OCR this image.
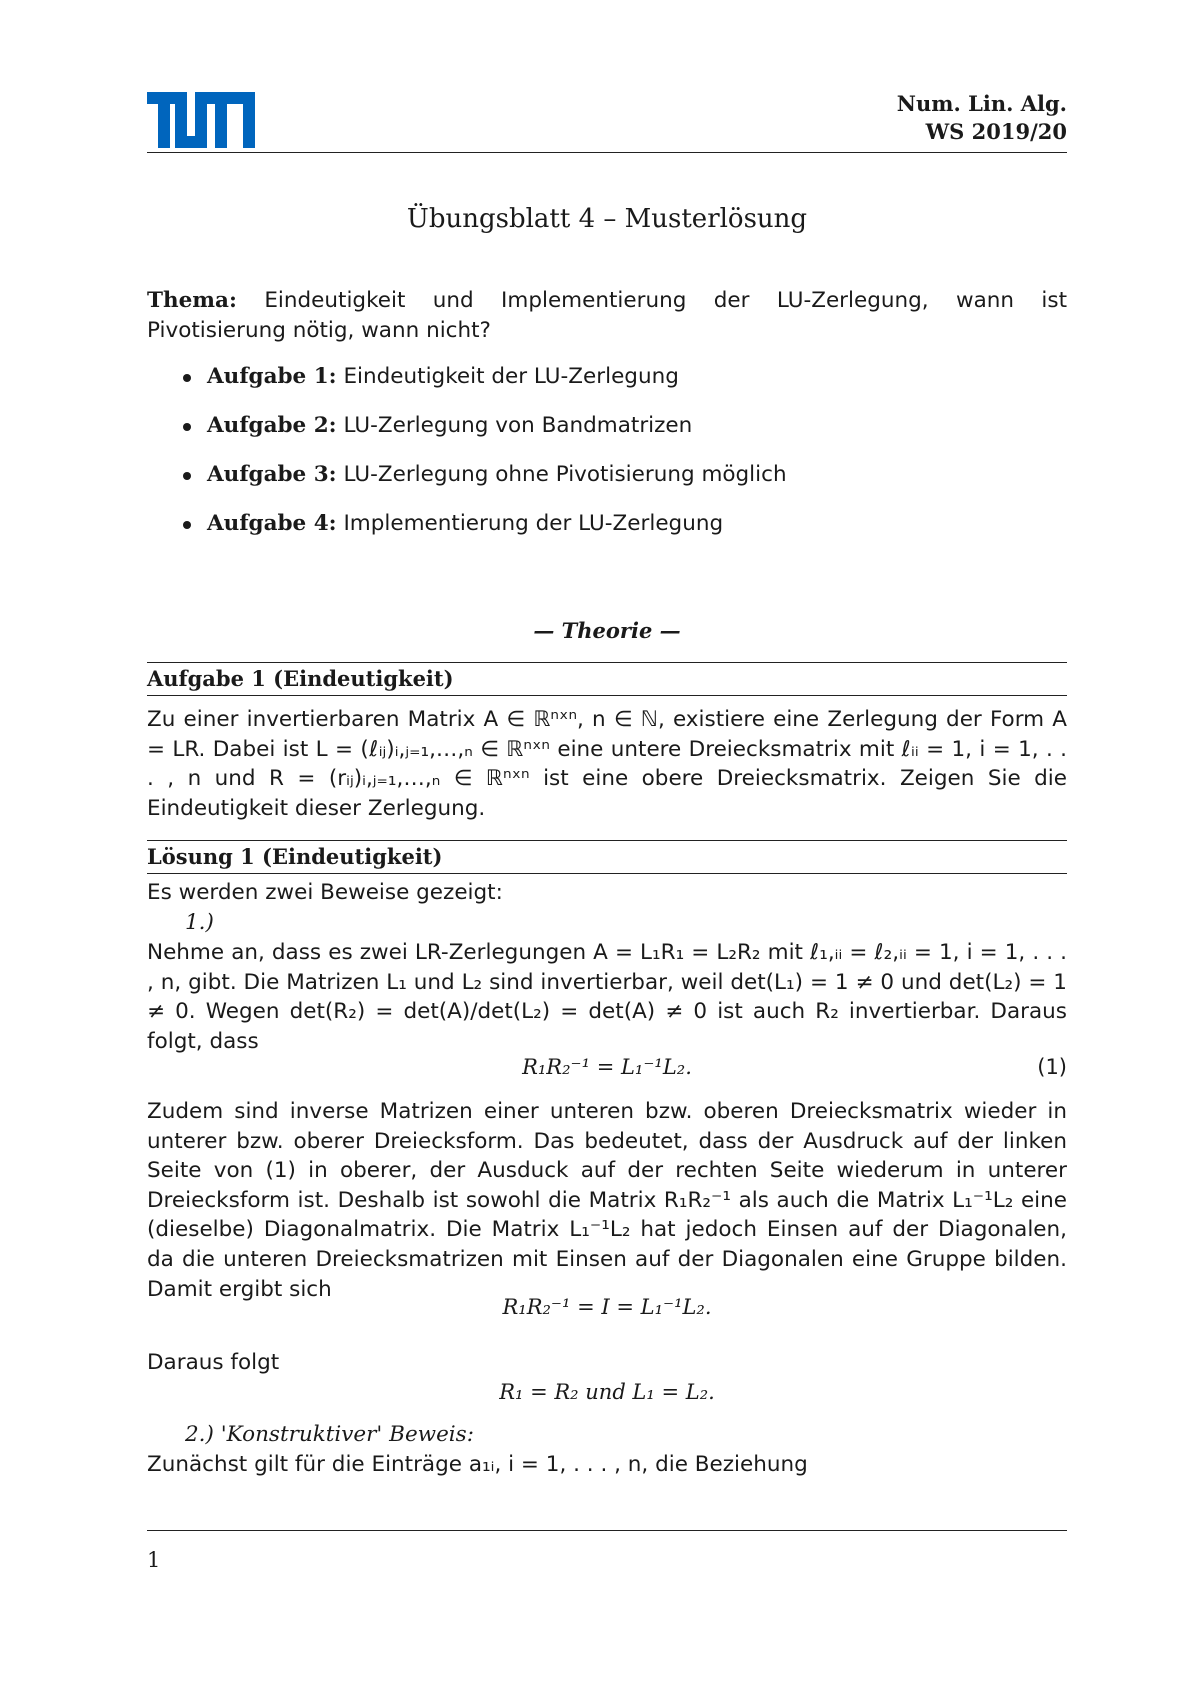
Num. Lin. Alg.
WS 2019/20
Übungsblatt 4 – Musterlösung
Thema: Eindeutigkeit und Implementierung der LU-Zerlegung, wann ist Pivotisierung nötig, wann nicht?
Aufgabe 1: Eindeutigkeit der LU-Zerlegung
Aufgabe 2: LU-Zerlegung von Bandmatrizen
Aufgabe 3: LU-Zerlegung ohne Pivotisierung möglich
Aufgabe 4: Implementierung der LU-Zerlegung
— Theorie —
Aufgabe 1 (Eindeutigkeit)
Zu einer invertierbaren Matrix A ∈ ℝⁿˣⁿ, n ∈ ℕ, existiere eine Zerlegung der Form A = LR. Dabei ist L = (ℓᵢⱼ)ᵢ,ⱼ₌₁,…,ₙ ∈ ℝⁿˣⁿ eine untere Dreiecksmatrix mit ℓᵢᵢ = 1, i = 1, . . . , n und R = (rᵢⱼ)ᵢ,ⱼ₌₁,…,ₙ ∈ ℝⁿˣⁿ ist eine obere Dreiecksmatrix. Zeigen Sie die Eindeutigkeit dieser Zerlegung.
Lösung 1 (Eindeutigkeit)
Es werden zwei Beweise gezeigt:
1.)
Nehme an, dass es zwei LR-Zerlegungen A = L₁R₁ = L₂R₂ mit ℓ₁,ᵢᵢ = ℓ₂,ᵢᵢ = 1, i = 1, . . . , n, gibt. Die Matrizen L₁ und L₂ sind invertierbar, weil det(L₁) = 1 ≠ 0 und det(L₂) = 1 ≠ 0. Wegen det(R₂) = det(A)/det(L₂) = det(A) ≠ 0 ist auch R₂ invertierbar. Daraus folgt, dass
R₁R₂⁻¹ = L₁⁻¹L₂.	(1)
Zudem sind inverse Matrizen einer unteren bzw. oberen Dreiecksmatrix wieder in unterer bzw. oberer Dreiecksform. Das bedeutet, dass der Ausdruck auf der linken Seite von (1) in oberer, der Ausduck auf der rechten Seite wiederum in unterer Dreiecksform ist. Deshalb ist sowohl die Matrix R₁R₂⁻¹ als auch die Matrix L₁⁻¹L₂ eine (dieselbe) Diagonalmatrix. Die Matrix L₁⁻¹L₂ hat jedoch Einsen auf der Diagonalen, da die unteren Dreiecksmatrizen mit Einsen auf der Diagonalen eine Gruppe bilden. Damit ergibt sich
R₁R₂⁻¹ = I = L₁⁻¹L₂.
Daraus folgt
R₁ = R₂ und L₁ = L₂.
2.) 'Konstruktiver' Beweis:
Zunächst gilt für die Einträge a₁ᵢ, i = 1, . . . , n, die Beziehung
1
